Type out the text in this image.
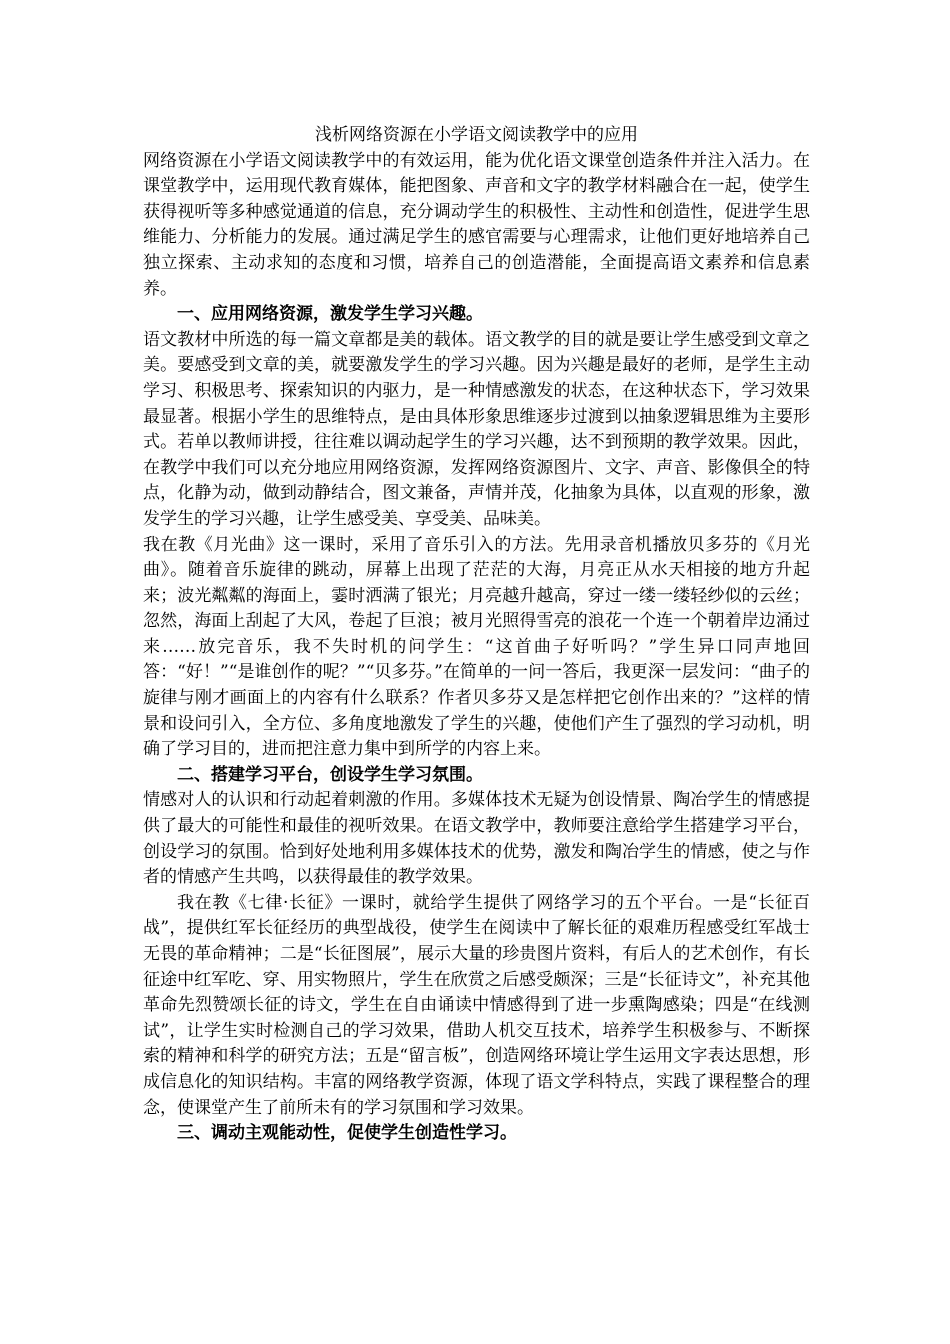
浅析网络资源在小学语文阅读教学中的应用

网络资源在小学语文阅读教学中的有效运用，能为优化语文课堂创造条件并注入活力。在课堂教学中，运用现代教育媒体，能把图象、声音和文字的教学材料融合在一起，使学生获得视听等多种感觉通道的信息，充分调动学生的积极性、主动性和创造性，促进学生思维能力、分析能力的发展。通过满足学生的感官需要与心理需求，让他们更好地培养自己独立探索、主动求知的态度和习惯，培养自己的创造潜能，全面提高语文素养和信息素养。

一、应用网络资源，激发学生学习兴趣。

语文教材中所选的每一篇文章都是美的载体。语文教学的目的就是要让学生感受到文章之美。要感受到文章的美，就要激发学生的学习兴趣。因为兴趣是最好的老师，是学生主动学习、积极思考、探索知识的内驱力，是一种情感激发的状态，在这种状态下，学习效果最显著。根据小学生的思维特点，是由具体形象思维逐步过渡到以抽象逻辑思维为主要形式。若单以教师讲授，往往难以调动起学生的学习兴趣，达不到预期的教学效果。因此，在教学中我们可以充分地应用网络资源，发挥网络资源图片、文字、声音、影像俱全的特点，化静为动，做到动静结合，图文兼备，声情并茂，化抽象为具体，以直观的形象，激发学生的学习兴趣，让学生感受美、享受美、品味美。

我在教《月光曲》这一课时，采用了音乐引入的方法。先用录音机播放贝多芬的《月光曲》。随着音乐旋律的跳动，屏幕上出现了茫茫的大海，月亮正从水天相接的地方升起来；波光粼粼的海面上，霎时洒满了银光；月亮越升越高，穿过一缕一缕轻纱似的云丝；忽然，海面上刮起了大风，卷起了巨浪；被月光照得雪亮的浪花一个连一个朝着岸边涌过来……放完音乐，我不失时机的问学生：“这首曲子好听吗？”学生异口同声地回答：“好！”“是谁创作的呢？”“贝多芬。”在简单的一问一答后，我更深一层发问：“曲子的旋律与刚才画面上的内容有什么联系？作者贝多芬又是怎样把它创作出来的？”这样的情景和设问引入，全方位、多角度地激发了学生的兴趣，使他们产生了强烈的学习动机，明确了学习目的，进而把注意力集中到所学的内容上来。

二、搭建学习平台，创设学生学习氛围。

情感对人的认识和行动起着刺激的作用。多媒体技术无疑为创设情景、陶冶学生的情感提供了最大的可能性和最佳的视听效果。在语文教学中，教师要注意给学生搭建学习平台，创设学习的氛围。恰到好处地利用多媒体技术的优势，激发和陶冶学生的情感，使之与作者的情感产生共鸣，以获得最佳的教学效果。

我在教《七律·长征》一课时，就给学生提供了网络学习的五个平台。一是“长征百战”，提供红军长征经历的典型战役，使学生在阅读中了解长征的艰难历程感受红军战士无畏的革命精神；二是“长征图展”，展示大量的珍贵图片资料，有后人的艺术创作，有长征途中红军吃、穿、用实物照片，学生在欣赏之后感受颇深；三是“长征诗文”，补充其他革命先烈赞颂长征的诗文，学生在自由诵读中情感得到了进一步熏陶感染；四是“在线测试”，让学生实时检测自己的学习效果，借助人机交互技术，培养学生积极参与、不断探索的精神和科学的研究方法；五是“留言板”，创造网络环境让学生运用文字表达思想，形成信息化的知识结构。丰富的网络教学资源，体现了语文学科特点，实践了课程整合的理念，使课堂产生了前所未有的学习氛围和学习效果。

三、调动主观能动性，促使学生创造性学习。
